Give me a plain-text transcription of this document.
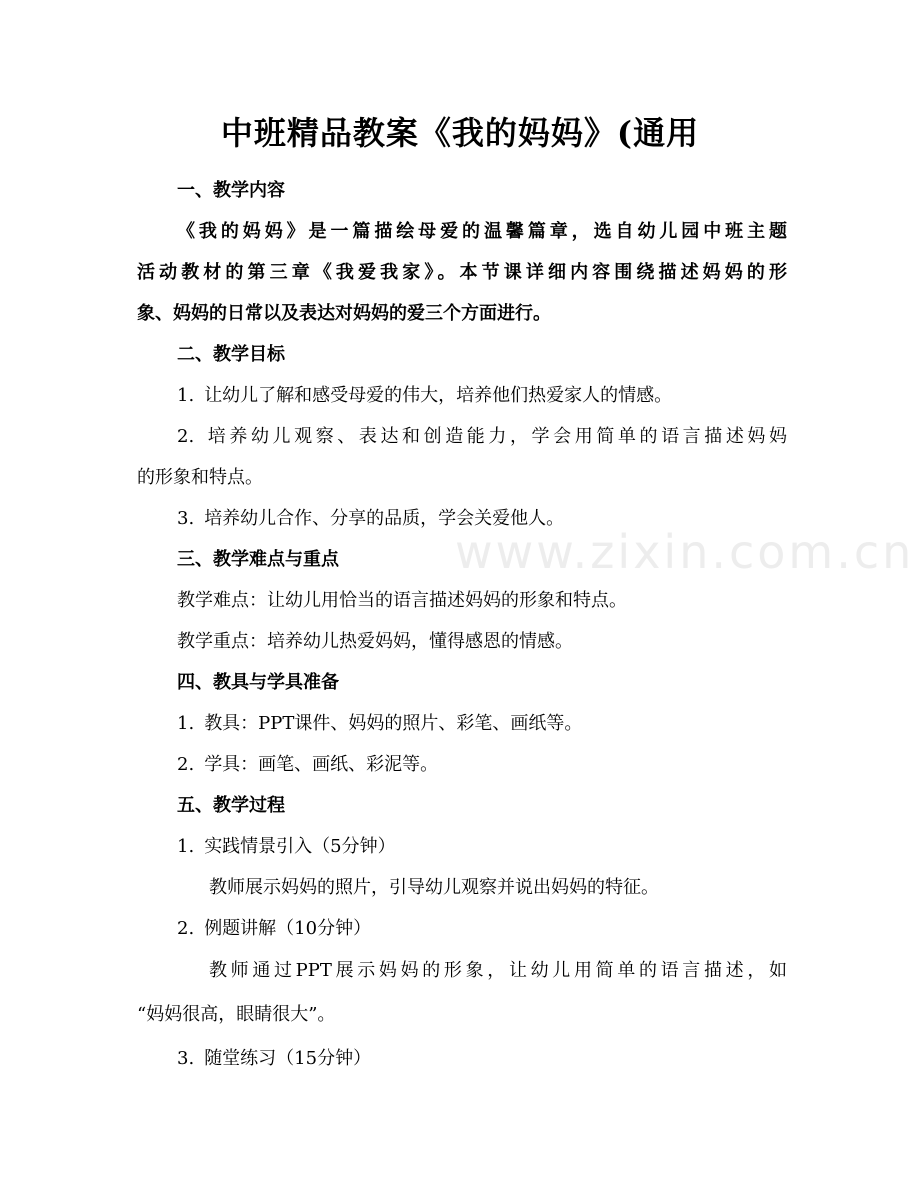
www.zixin.com.cn
中班精品教案《我的妈妈》(通用
一、教学内容
《我的妈妈》是一篇描绘母爱的温馨篇章，选自幼儿园中班主题
活动教材的第三章《我爱我家》。本节课详细内容围绕描述妈妈的形
象、妈妈的日常以及表达对妈妈的爱三个方面进行。
二、教学目标
1. 让幼儿了解和感受母爱的伟大，培养他们热爱家人的情感。
2. 培养幼儿观察、表达和创造能力，学会用简单的语言描述妈妈
的形象和特点。
3. 培养幼儿合作、分享的品质，学会关爱他人。
三、教学难点与重点
教学难点：让幼儿用恰当的语言描述妈妈的形象和特点。
教学重点：培养幼儿热爱妈妈，懂得感恩的情感。
四、教具与学具准备
1. 教具：PPT课件、妈妈的照片、彩笔、画纸等。
2. 学具：画笔、画纸、彩泥等。
五、教学过程
1. 实践情景引入（5分钟）
教师展示妈妈的照片，引导幼儿观察并说出妈妈的特征。
2. 例题讲解（10分钟）
教师通过PPT展示妈妈的形象，让幼儿用简单的语言描述，如
“妈妈很高，眼睛很大”。
3. 随堂练习（15分钟）
